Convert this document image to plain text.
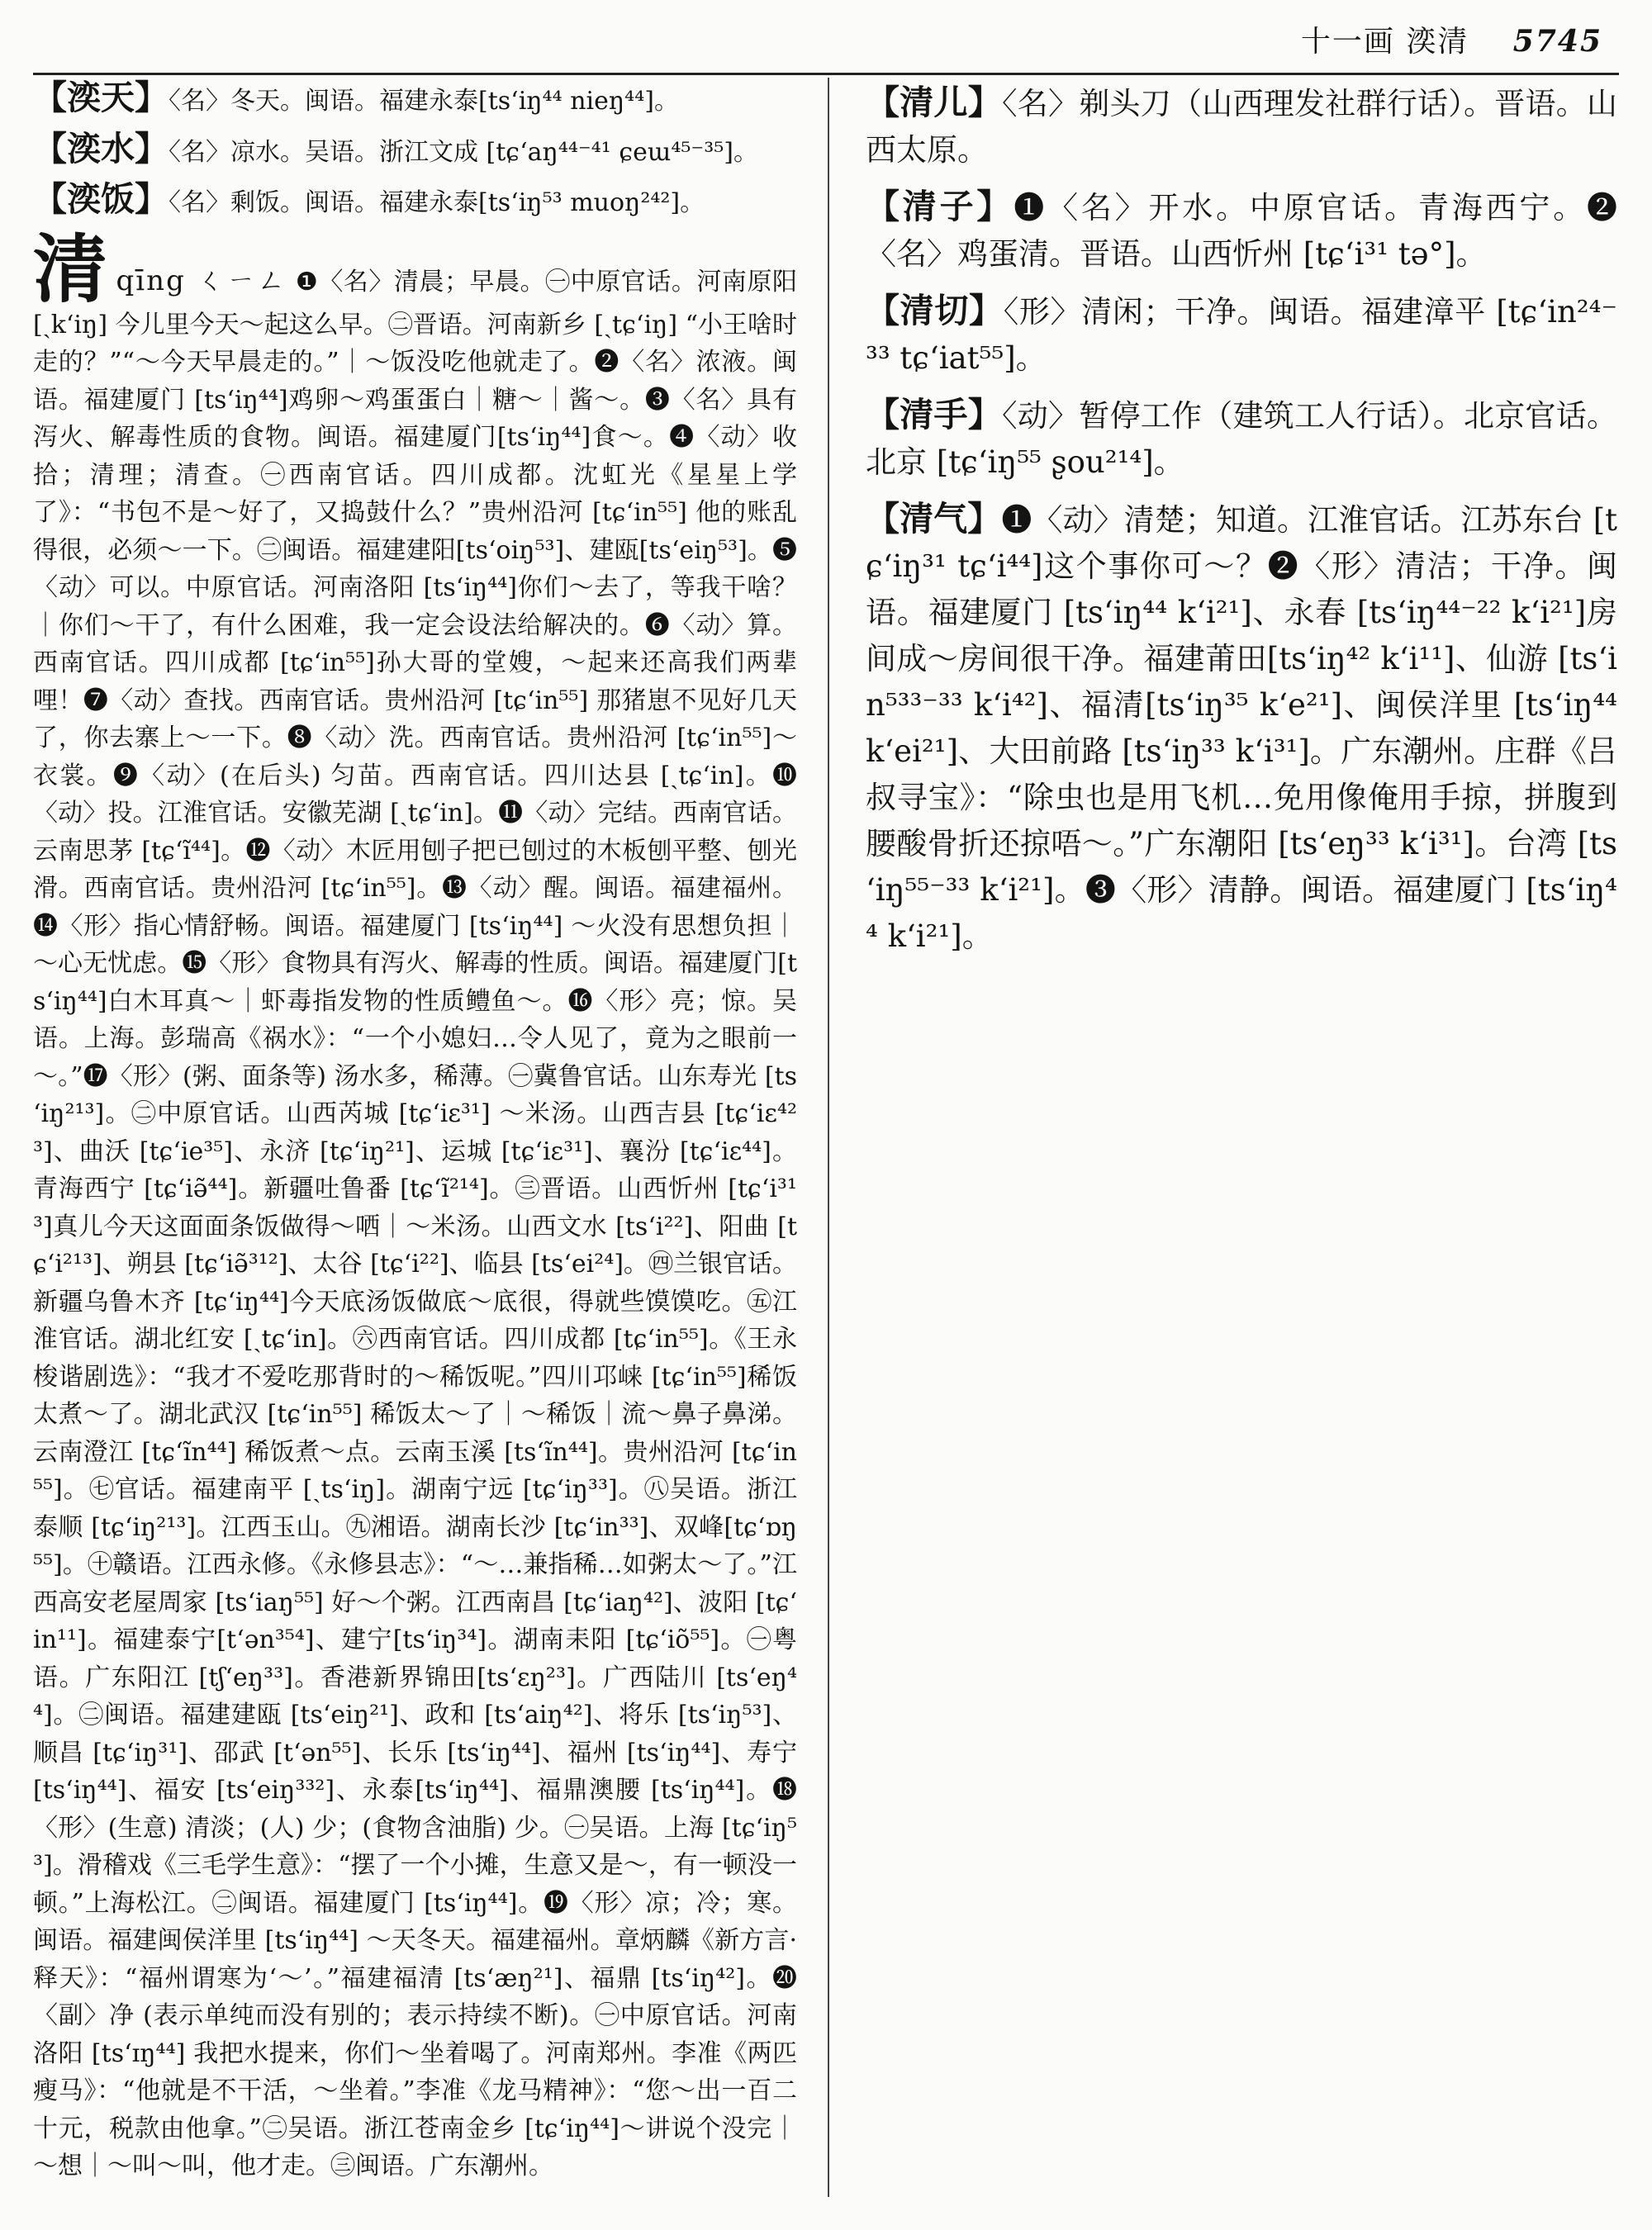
十一画 湙清 5745

【湙天】〈名〉冬天。闽语。福建永泰[tsʻiŋ⁴⁴ nieŋ⁴⁴]。

【湙水】〈名〉凉水。吴语。浙江文成 [tɕʻaŋ⁴⁴⁻⁴¹ ɕeɯ⁴⁵⁻³⁵]。

【湙饭】〈名〉剩饭。闽语。福建永泰[tsʻiŋ⁵³ muoŋ²⁴²]。

清qīng ㄑㄧㄥ ❶〈名〉清晨；早晨。㊀中原官话。河南原阳 [ˏkʻiŋ] 今儿里今天～起这么早。㊁晋语。河南新乡 [ˏtɕʻiŋ] “小王啥时走的？”“～今天早晨走的。”｜～饭没吃他就走了。❷〈名〉浓液。闽语。福建厦门 [tsʻiŋ⁴⁴]鸡卵～鸡蛋蛋白｜糖～｜酱～。❸〈名〉具有泻火、解毒性质的食物。闽语。福建厦门[tsʻiŋ⁴⁴]食～。❹〈动〉收拾；清理；清查。㊀西南官话。四川成都。沈虹光《星星上学了》：“书包不是～好了，又捣鼓什么？”贵州沿河 [tɕʻin⁵⁵] 他的账乱得很，必须～一下。㊁闽语。福建建阳[tsʻoiŋ⁵³]、建瓯[tsʻeiŋ⁵³]。❺〈动〉可以。中原官话。河南洛阳 [tsʻiŋ⁴⁴]你们～去了，等我干啥？｜你们～干了，有什么困难，我一定会设法给解决的。❻〈动〉算。西南官话。四川成都 [tɕʻin⁵⁵]孙大哥的堂嫂，～起来还高我们两辈哩！❼〈动〉查找。西南官话。贵州沿河 [tɕʻin⁵⁵] 那猪崽不见好几天了，你去寨上～一下。❽〈动〉洗。西南官话。贵州沿河 [tɕʻin⁵⁵]～衣裳。❾〈动〉(在后头) 匀苗。西南官话。四川达县 [ˏtɕʻin]。❿〈动〉投。江淮官话。安徽芜湖 [ˏtɕʻin]。⓫〈动〉完结。西南官话。云南思茅 [tɕʻĩ⁴⁴]。⓬〈动〉木匠用刨子把已刨过的木板刨平整、刨光滑。西南官话。贵州沿河 [tɕʻin⁵⁵]。⓭〈动〉醒。闽语。福建福州。⓮〈形〉指心情舒畅。闽语。福建厦门 [tsʻiŋ⁴⁴] ～火没有思想负担｜～心无忧虑。⓯〈形〉食物具有泻火、解毒的性质。闽语。福建厦门[tsʻiŋ⁴⁴]白木耳真～｜虾毒指发物的性质鳢鱼～。⓰〈形〉亮；惊。吴语。上海。彭瑞高《祸水》：“一个小媳妇…令人见了，竟为之眼前一～。”⓱〈形〉(粥、面条等) 汤水多，稀薄。㊀冀鲁官话。山东寿光 [tsʻiŋ²¹³]。㊁中原官话。山西芮城 [tɕʻiɛ³¹] ～米汤。山西吉县 [tɕʻiɛ⁴²³]、曲沃 [tɕʻie³⁵]、永济 [tɕʻiŋ²¹]、运城 [tɕʻiɛ³¹]、襄汾 [tɕʻiɛ⁴⁴]。青海西宁 [tɕʻiə̃⁴⁴]。新疆吐鲁番 [tɕʻĩ²¹⁴]。㊂晋语。山西忻州 [tɕʻi³¹³]真儿今天这面面条饭做得～哂｜～米汤。山西文水 [tsʻi²²]、阳曲 [tɕʻi²¹³]、朔县 [tɕʻiə̃³¹²]、太谷 [tɕʻi²²]、临县 [tsʻei²⁴]。㊃兰银官话。新疆乌鲁木齐 [tɕʻiŋ⁴⁴]今天底汤饭做底～底很，得就些馍馍吃。㊄江淮官话。湖北红安 [ˏtɕʻin]。㊅西南官话。四川成都 [tɕʻin⁵⁵]。《王永梭谐剧选》：“我才不爱吃那背时的～稀饭呢。”四川邛崃 [tɕʻin⁵⁵]稀饭太煮～了。湖北武汉 [tɕʻin⁵⁵] 稀饭太～了｜～稀饭｜流～鼻子鼻涕。云南澄江 [tɕʻĩn⁴⁴] 稀饭煮～点。云南玉溪 [tsʻĩn⁴⁴]。贵州沿河 [tɕʻin⁵⁵]。㊆官话。福建南平 [ˏtsʻiŋ]。湖南宁远 [tɕʻiŋ³³]。㊇吴语。浙江泰顺 [tɕʻiŋ²¹³]。江西玉山。㊈湘语。湖南长沙 [tɕʻin³³]、双峰[tɕʻɒŋ⁵⁵]。㊉赣语。江西永修。《永修县志》：“～…兼指稀…如粥太～了。”江西高安老屋周家 [tsʻiaŋ⁵⁵] 好～个粥。江西南昌 [tɕʻiaŋ⁴²]、波阳 [tɕʻin¹¹]。福建泰宁[tʻən³⁵⁴]、建宁[tsʻiŋ³⁴]。湖南耒阳 [tɕʻiõ⁵⁵]。㊀粤语。广东阳江 [tʃʻeŋ³³]。香港新界锦田[tsʻɛŋ²³]。广西陆川 [tsʻeŋ⁴⁴]。㊁闽语。福建建瓯 [tsʻeiŋ²¹]、政和 [tsʻaiŋ⁴²]、将乐 [tsʻiŋ⁵³]、顺昌 [tɕʻiŋ³¹]、邵武 [tʻən⁵⁵]、长乐 [tsʻiŋ⁴⁴]、福州 [tsʻiŋ⁴⁴]、寿宁 [tsʻiŋ⁴⁴]、福安 [tsʻeiŋ³³²]、永泰[tsʻiŋ⁴⁴]、福鼎澳腰 [tsʻiŋ⁴⁴]。⓲〈形〉(生意) 清淡；(人) 少；(食物含油脂) 少。㊀吴语。上海 [tɕʻiŋ⁵³]。滑稽戏《三毛学生意》：“摆了一个小摊，生意又是～，有一顿没一顿。”上海松江。㊁闽语。福建厦门 [tsʻiŋ⁴⁴]。⓳〈形〉凉；冷；寒。闽语。福建闽侯洋里 [tsʻiŋ⁴⁴] ～天冬天。福建福州。章炳麟《新方言·释天》：“福州谓寒为‘～’。”福建福清 [tsʻæŋ²¹]、福鼎 [tsʻiŋ⁴²]。⓴〈副〉净 (表示单纯而没有别的；表示持续不断)。㊀中原官话。河南洛阳 [tsʻɪŋ⁴⁴] 我把水提来，你们～坐着喝了。河南郑州。李准《两匹瘦马》：“他就是不干活，～坐着。”李准《龙马精神》：“您～出一百二十元，税款由他拿。”㊁吴语。浙江苍南金乡 [tɕʻiŋ⁴⁴]～讲说个没完｜～想｜～叫～叫，他才走。㊂闽语。广东潮州。

【清儿】〈名〉剃头刀（山西理发社群行话）。晋语。山西太原。

【清子】❶〈名〉开水。中原官话。青海西宁。❷〈名〉鸡蛋清。晋语。山西忻州 [tɕʻi³¹ tə°]。

【清切】〈形〉清闲；干净。闽语。福建漳平 [tɕʻin²⁴⁻³³ tɕʻiat⁵⁵]。

【清手】〈动〉暂停工作（建筑工人行话）。北京官话。北京 [tɕʻiŋ⁵⁵ ʂou²¹⁴]。

【清气】❶〈动〉清楚；知道。江淮官话。江苏东台 [tɕʻiŋ³¹ tɕʻi⁴⁴]这个事你可～？❷〈形〉清洁；干净。闽语。福建厦门 [tsʻiŋ⁴⁴ kʻi²¹]、永春 [tsʻiŋ⁴⁴⁻²² kʻi²¹]房间成～房间很干净。福建莆田[tsʻiŋ⁴² kʻi¹¹]、仙游 [tsʻin⁵³³⁻³³ kʻi⁴²]、福清[tsʻiŋ³⁵ kʻe²¹]、闽侯洋里 [tsʻiŋ⁴⁴ kʻei²¹]、大田前路 [tsʻiŋ³³ kʻi³¹]。广东潮州。庄群《吕叔寻宝》：“除虫也是用飞机…免用像俺用手掠，拼腹到腰酸骨折还掠唔～。”广东潮阳 [tsʻeŋ³³ kʻi³¹]。台湾 [tsʻiŋ⁵⁵⁻³³ kʻi²¹]。❸〈形〉清静。闽语。福建厦门 [tsʻiŋ⁴⁴ kʻi²¹]。
